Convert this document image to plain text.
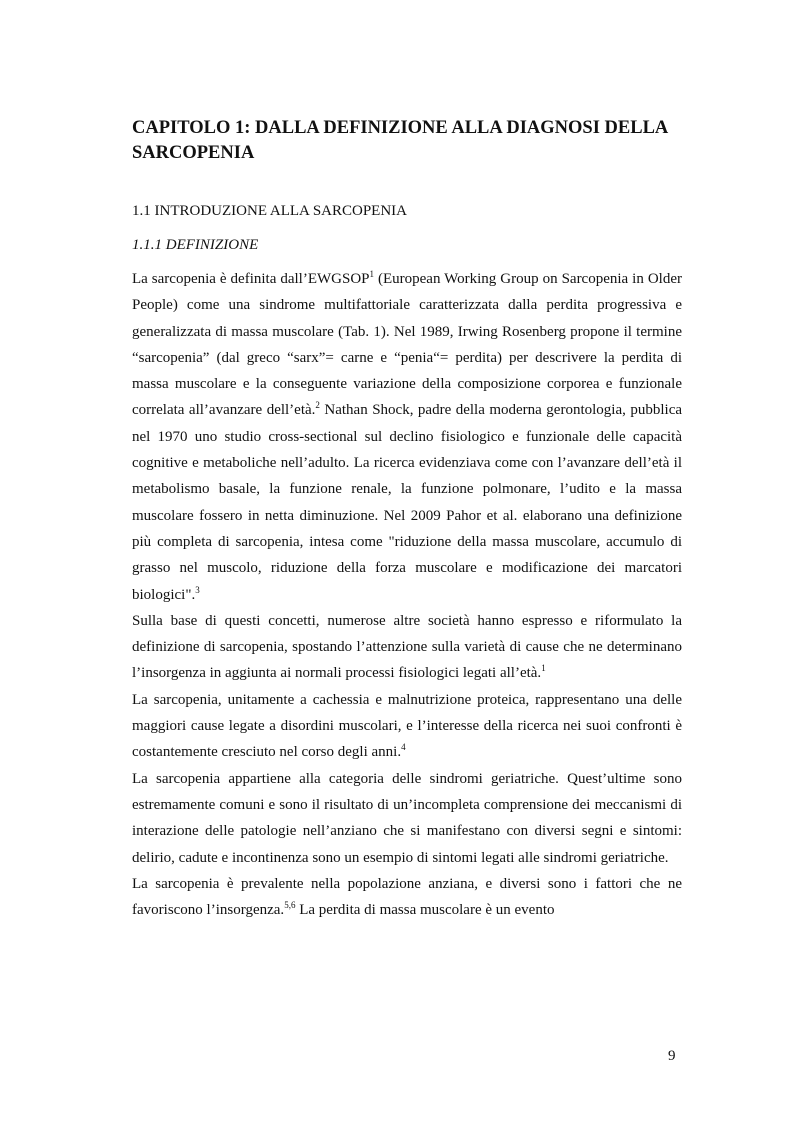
CAPITOLO 1: DALLA DEFINIZIONE ALLA DIAGNOSI DELLA SARCOPENIA
1.1 INTRODUZIONE ALLA SARCOPENIA
1.1.1 DEFINIZIONE

La sarcopenia è definita dall’EWGSOP$^1$ (European Working Group on Sarcopenia in Older People) come una sindrome multifattoriale caratterizzata dalla perdita progressiva e generalizzata di massa muscolare (Tab. 1). Nel 1989, Irwing Rosenberg propone il termine “sarcopenia” (dal greco “sarx”= carne e “penia“= perdita) per descrivere la perdita di massa muscolare e la conseguente variazione della composizione corporea e funzionale correlata all’avanzare dell’età.$^2$ Nathan Shock, padre della moderna gerontologia, pubblica nel 1970 uno studio cross-sectional sul declino fisiologico e funzionale delle capacità cognitive e metaboliche nell’adulto. La ricerca evidenziava come con l’avanzare dell’età il metabolismo basale, la funzione renale, la funzione polmonare, l’udito e la massa muscolare fossero in netta diminuzione. Nel 2009 Pahor et al. elaborano una definizione più completa di sarcopenia, intesa come "riduzione della massa muscolare, accumulo di grasso nel muscolo, riduzione della forza muscolare e modificazione dei marcatori biologici".$^3$

Sulla base di questi concetti, numerose altre società hanno espresso e riformulato la definizione di sarcopenia, spostando l’attenzione sulla varietà di cause che ne determinano l’insorgenza in aggiunta ai normali processi fisiologici legati all’età.$^1$

La sarcopenia, unitamente a cachessia e malnutrizione proteica, rappresentano una delle maggiori cause legate a disordini muscolari, e l’interesse della ricerca nei suoi confronti è costantemente cresciuto nel corso degli anni.$^4$

La sarcopenia appartiene alla categoria delle sindromi geriatriche. Quest’ultime sono estremamente comuni e sono il risultato di un’incompleta comprensione dei meccanismi di interazione delle patologie nell’anziano che si manifestano con diversi segni e sintomi: delirio, cadute e incontinenza sono un esempio di sintomi legati alle sindromi geriatriche.

La sarcopenia è prevalente nella popolazione anziana, e diversi sono i fattori che ne favoriscono l’insorgenza.$^{5,6}$ La perdita di massa muscolare è un evento

9
